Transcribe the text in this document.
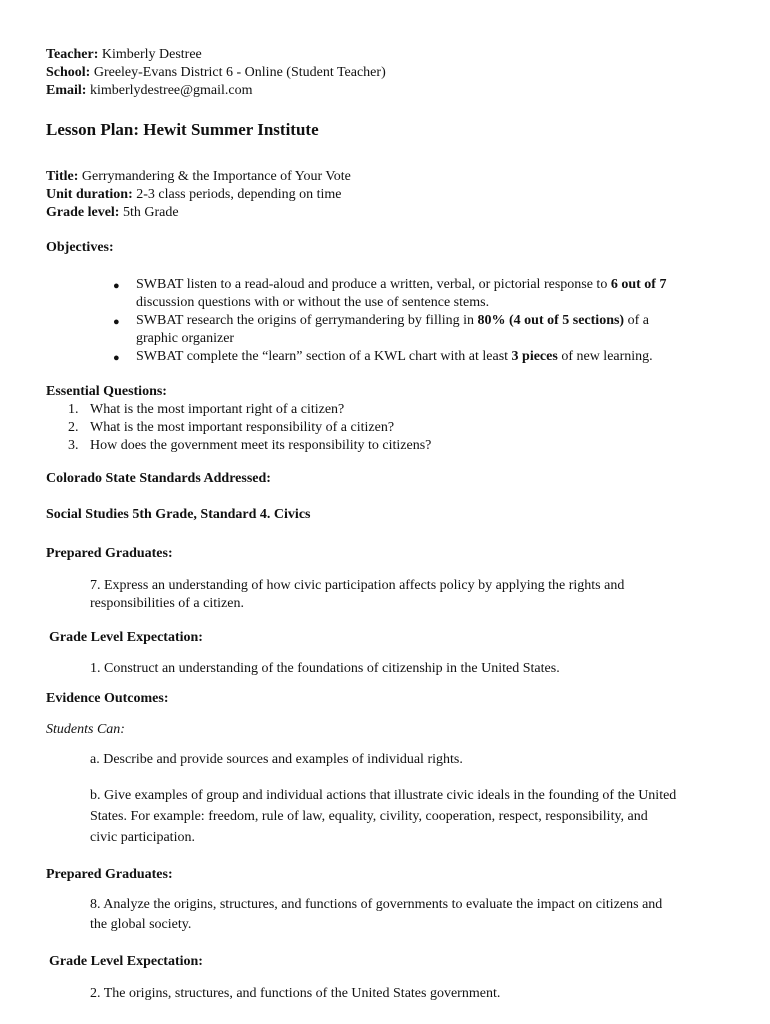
Teacher: Kimberly Destree
School: Greeley-Evans District 6 - Online (Student Teacher)
Email: kimberlydestree@gmail.com
Lesson Plan: Hewit Summer Institute
Title: Gerrymandering & the Importance of Your Vote
Unit duration: 2-3 class periods, depending on time
Grade level: 5th Grade
Objectives:
● SWBAT listen to a read-aloud and produce a written, verbal, or pictorial response to 6 out of 7
discussion questions with or without the use of sentence stems.
● SWBAT research the origins of gerrymandering by filling in 80% (4 out of 5 sections) of a
graphic organizer
● SWBAT complete the “learn” section of a KWL chart with at least 3 pieces of new learning.
Essential Questions:
1. What is the most important right of a citizen?
2. What is the most important responsibility of a citizen?
3. How does the government meet its responsibility to citizens?
Colorado State Standards Addressed:
Social Studies 5th Grade, Standard 4. Civics
Prepared Graduates:
7. Express an understanding of how civic participation affects policy by applying the rights and
responsibilities of a citizen.
Grade Level Expectation:
1. Construct an understanding of the foundations of citizenship in the United States.
Evidence Outcomes:
Students Can:
a. Describe and provide sources and examples of individual rights.
b. Give examples of group and individual actions that illustrate civic ideals in the founding of the United
States. For example: freedom, rule of law, equality, civility, cooperation, respect, responsibility, and
civic participation.
Prepared Graduates:
8. Analyze the origins, structures, and functions of governments to evaluate the impact on citizens and
the global society.
Grade Level Expectation:
2. The origins, structures, and functions of the United States government.
